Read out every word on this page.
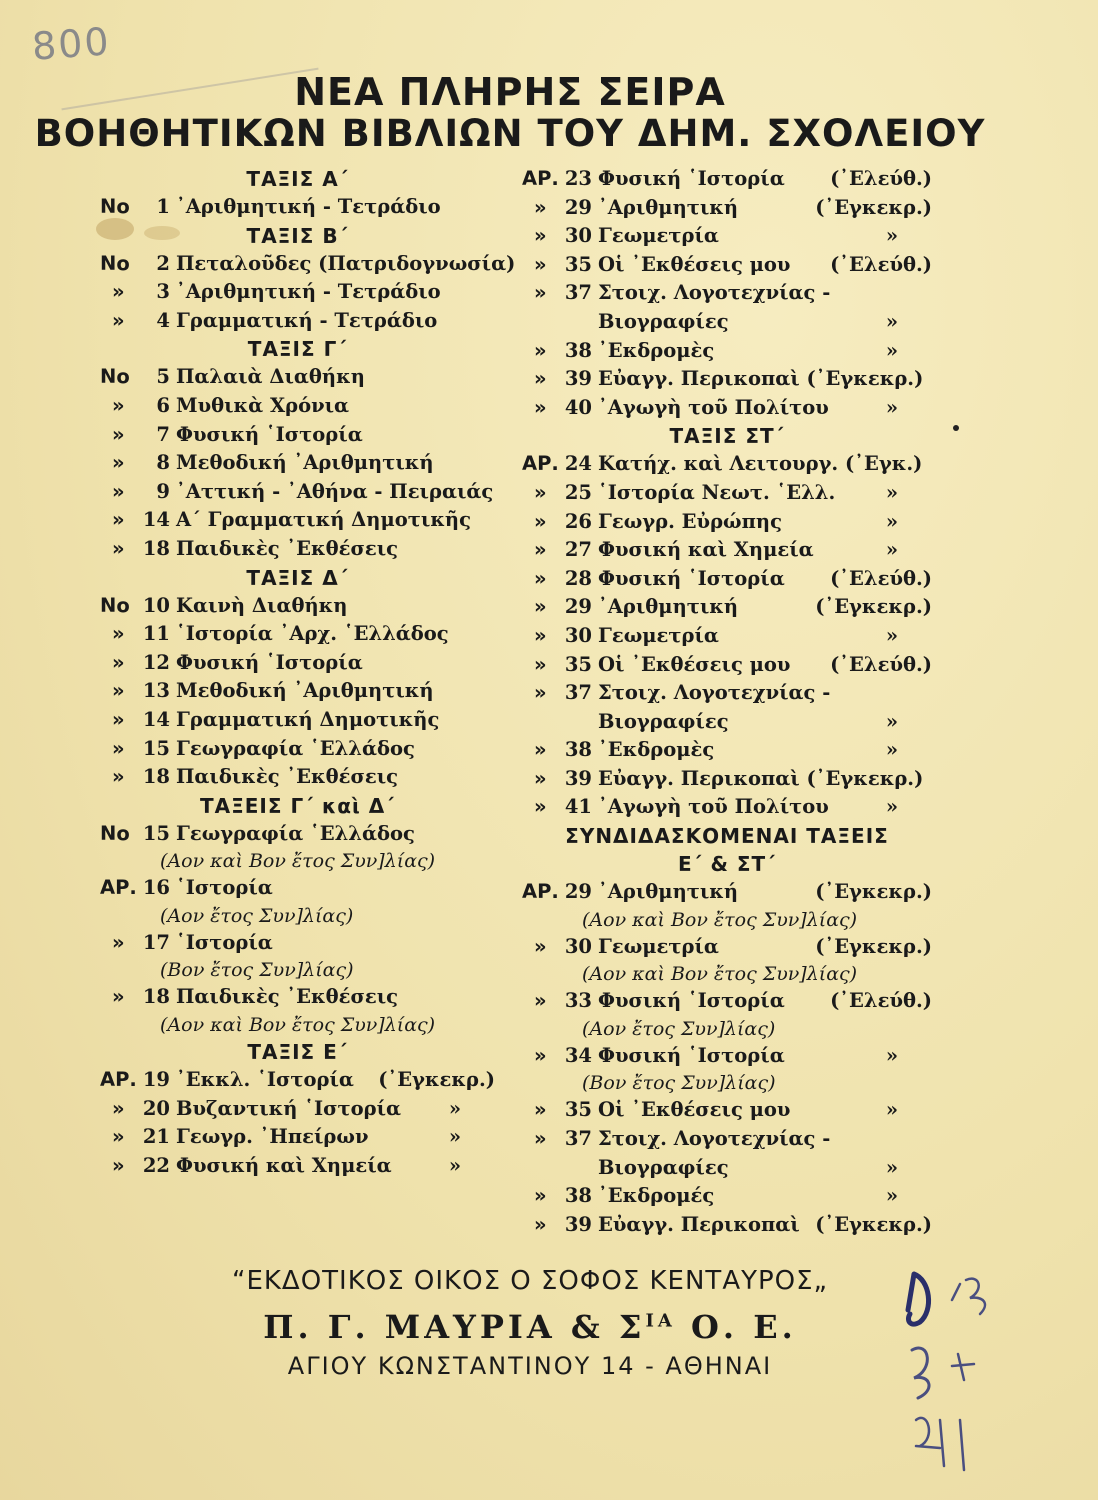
800
ΝΕΑ ΠΛΗΡΗΣ ΣΕΙΡΑ
ΒΟΗΘΗΤΙΚΩΝ ΒΙΒΛΙΩΝ ΤΟΥ ΔΗΜ. ΣΧΟΛΕΙΟΥ
ΤΑΞΙΣ Α΄
Νο	1 ᾿Αριθμητική - Τετράδιο
ΤΑΞΙΣ Β΄
Νο	2 Πεταλοῦδες (Πατριδογνωσία)
»	3 ᾿Αριθμητική - Τετράδιο
»	4 Γραμματική - Τετράδιο
ΤΑΞΙΣ Γ΄
Νο	5 Παλαιὰ Διαθήκη
»	6 Μυθικὰ Χρόνια
»	7 Φυσική ῾Ιστορία
»	8 Μεθοδική ᾿Αριθμητική
»	9 ᾿Αττική - ᾿Αθήνα - Πειραιάς
» 14 Α΄ Γραμματική Δημοτικῆς
» 18 Παιδικὲς ᾿Εκθέσεις
ΤΑΞΙΣ Δ΄
Νο 10 Καινὴ Διαθήκη
» 11 ῾Ιστορία ᾿Αρχ. ῾Ελλάδος
» 12 Φυσική ῾Ιστορία
» 13 Μεθοδική ᾿Αριθμητική
» 14 Γραμματική Δημοτικῆς
» 15 Γεωγραφία ῾Ελλάδος
» 18 Παιδικὲς ᾿Εκθέσεις
ΤΑΞΕΙΣ Γ΄ καὶ Δ΄
Νο 15 Γεωγραφία ῾Ελλάδος
(Αον καὶ Βον ἔτος Συν]λίας)
ΑΡ. 16 ῾Ιστορία
(Αον ἔτος Συν]λίας)
» 17 ῾Ιστορία
(Βον ἔτος Συν]λίας)
» 18 Παιδικὲς ᾿Εκθέσεις
(Αον καὶ Βον ἔτος Συν]λίας)
ΤΑΞΙΣ Ε΄
ΑΡ. 19 ᾿Εκκλ. ῾Ιστορία (᾿Εγκεκρ.)
» 20 Βυζαντική ῾Ιστορία »
» 21 Γεωγρ. ᾿Ηπείρων	»
» 22 Φυσική καὶ Χημεία	»
ΑΡ. 23 Φυσική ῾Ιστορία (᾿Ελεύθ.)
» 29 ᾿Αριθμητική	(᾿Εγκεκρ.)
» 30 Γεωμετρία	»
» 35 Οἱ ᾿Εκθέσεις μου (᾿Ελεύθ.)
» 37 Στοιχ. Λογοτεχνίας -
Βιογραφίες	»
» 38 ᾿Εκδρομὲς	»
» 39 Εὐαγγ. Περικοπαὶ (᾿Εγκεκρ.)
» 40 ᾿Αγωγὴ τοῦ Πολίτου	»
ΤΑΞΙΣ ΣΤ΄
ΑΡ. 24 Κατήχ. καὶ Λειτουργ. (᾿Εγκ.)
» 25 ῾Ιστορία Νεωτ. ῾Ελλ.	»
» 26 Γεωγρ. Εὐρώπης	»
» 27 Φυσική καὶ Χημεία	»
» 28 Φυσική ῾Ιστορία (᾿Ελεύθ.)
» 29 ᾿Αριθμητική	(᾿Εγκεκρ.)
» 30 Γεωμετρία	»
» 35 Οἱ ᾿Εκθέσεις μου (᾿Ελεύθ.)
» 37 Στοιχ. Λογοτεχνίας -
Βιογραφίες	»
» 38 ᾿Εκδρομὲς	»
» 39 Εὐαγγ. Περικοπαὶ (᾿Εγκεκρ.)
» 41 ᾿Αγωγὴ τοῦ Πολίτου	»
ΣΥΝΔΙΔΑΣΚΟΜΕΝΑΙ ΤΑΞΕΙΣ
Ε΄ & ΣΤ΄
ΑΡ. 29 ᾿Αριθμητική	(᾿Εγκεκρ.)
(Αον καὶ Βον ἔτος Συν]λίας)
» 30 Γεωμετρία	(᾿Εγκεκρ.)
(Αον καὶ Βον ἔτος Συν]λίας)
» 33 Φυσική ῾Ιστορία (᾿Ελεύθ.)
(Αον ἔτος Συν]λίας)
» 34 Φυσική ῾Ιστορία	»
(Βον ἔτος Συν]λίας)
» 35 Οἱ ᾿Εκθέσεις μου	»
» 37 Στοιχ. Λογοτεχνίας -
Βιογραφίες	»
» 38 ᾿Εκδρομές	»
» 39 Εὐαγγ. Περικοπαὶ (᾿Εγκεκρ.)
“ΕΚΔΟΤΙΚΟΣ ΟΙΚΟΣ Ο ΣΟΦΟΣ ΚΕΝΤΑΥΡΟΣ„
Π. Γ. ΜΑΥΡΙΑ & $\Sigma^{IA}$ Ο. Ε.
ΑΓΙΟΥ ΚΩΝΣΤΑΝΤΙΝΟΥ 14 - ΑΘΗΝΑΙ
